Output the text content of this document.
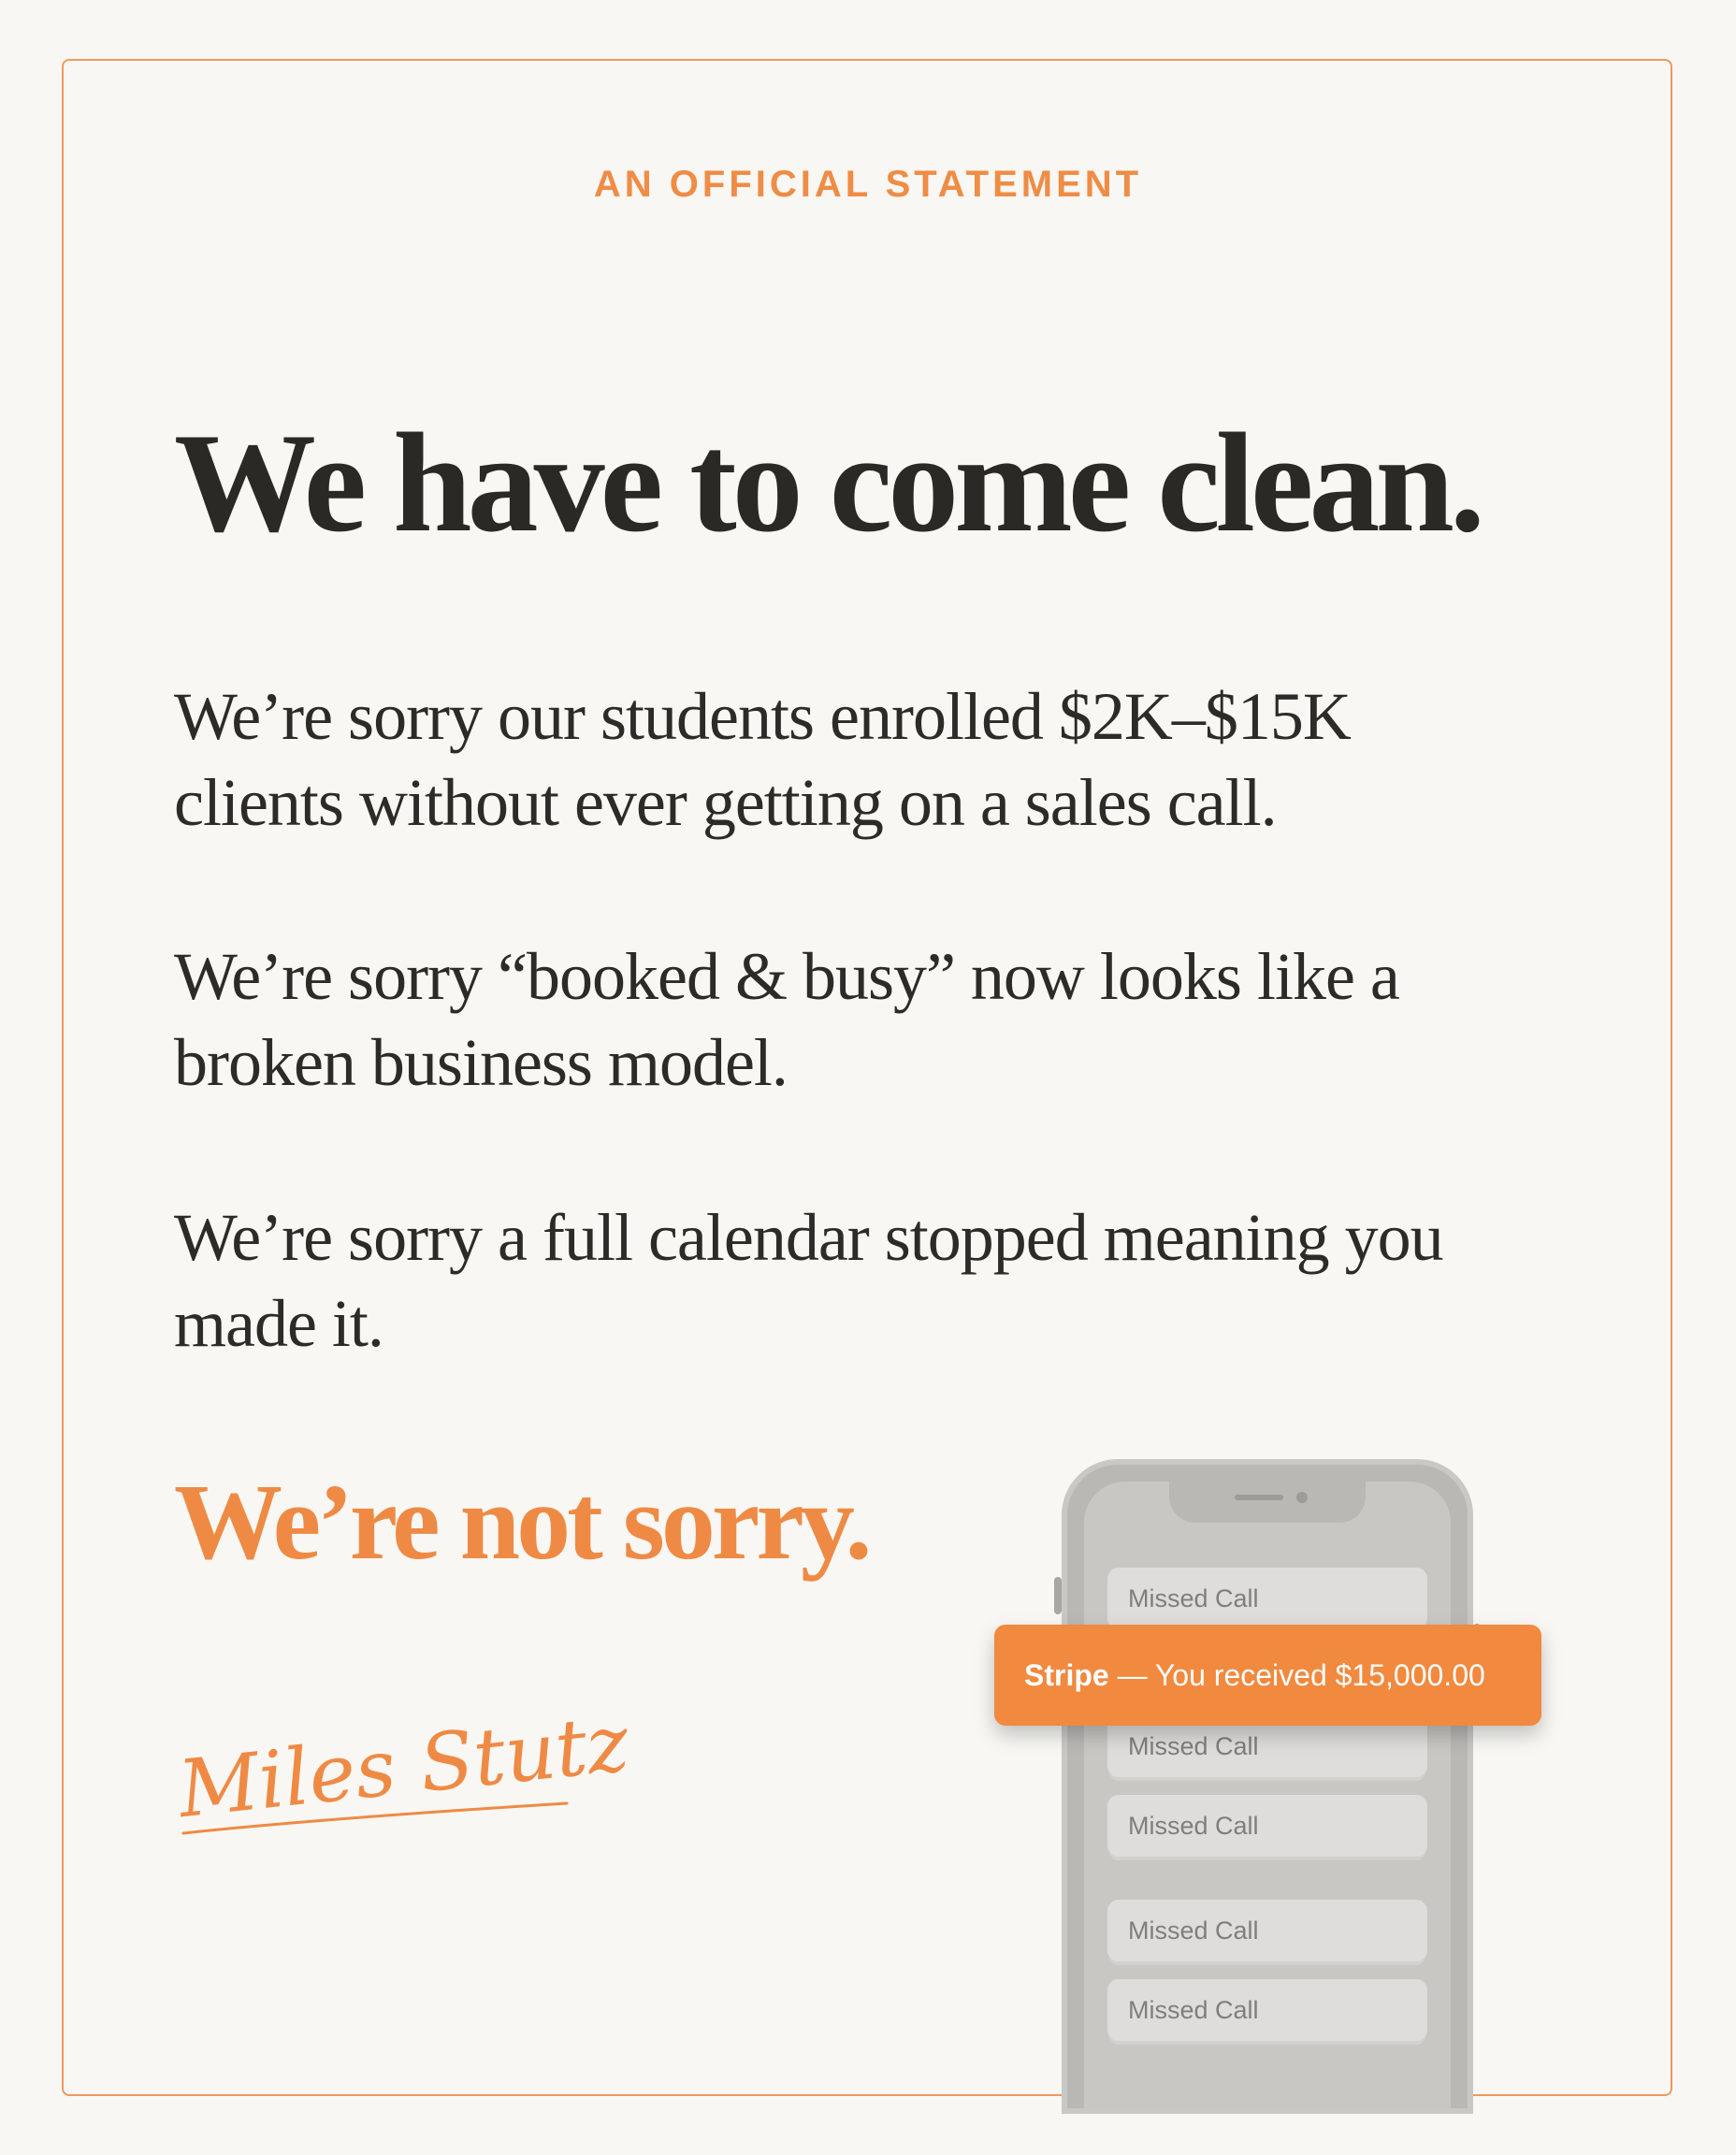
AN OFFICIAL STATEMENT
We have to come clean.

We’re sorry our students enrolled $2K–$15K clients without ever getting on a sales call.

We’re sorry “booked & busy” now looks like a broken business model.

We’re sorry a full calendar stopped meaning you made it.

We’re not sorry.
Miles Stutz
Missed Call
Missed Call
Missed Call
Missed Call
Missed Call
Stripe — You received $15,000.00
